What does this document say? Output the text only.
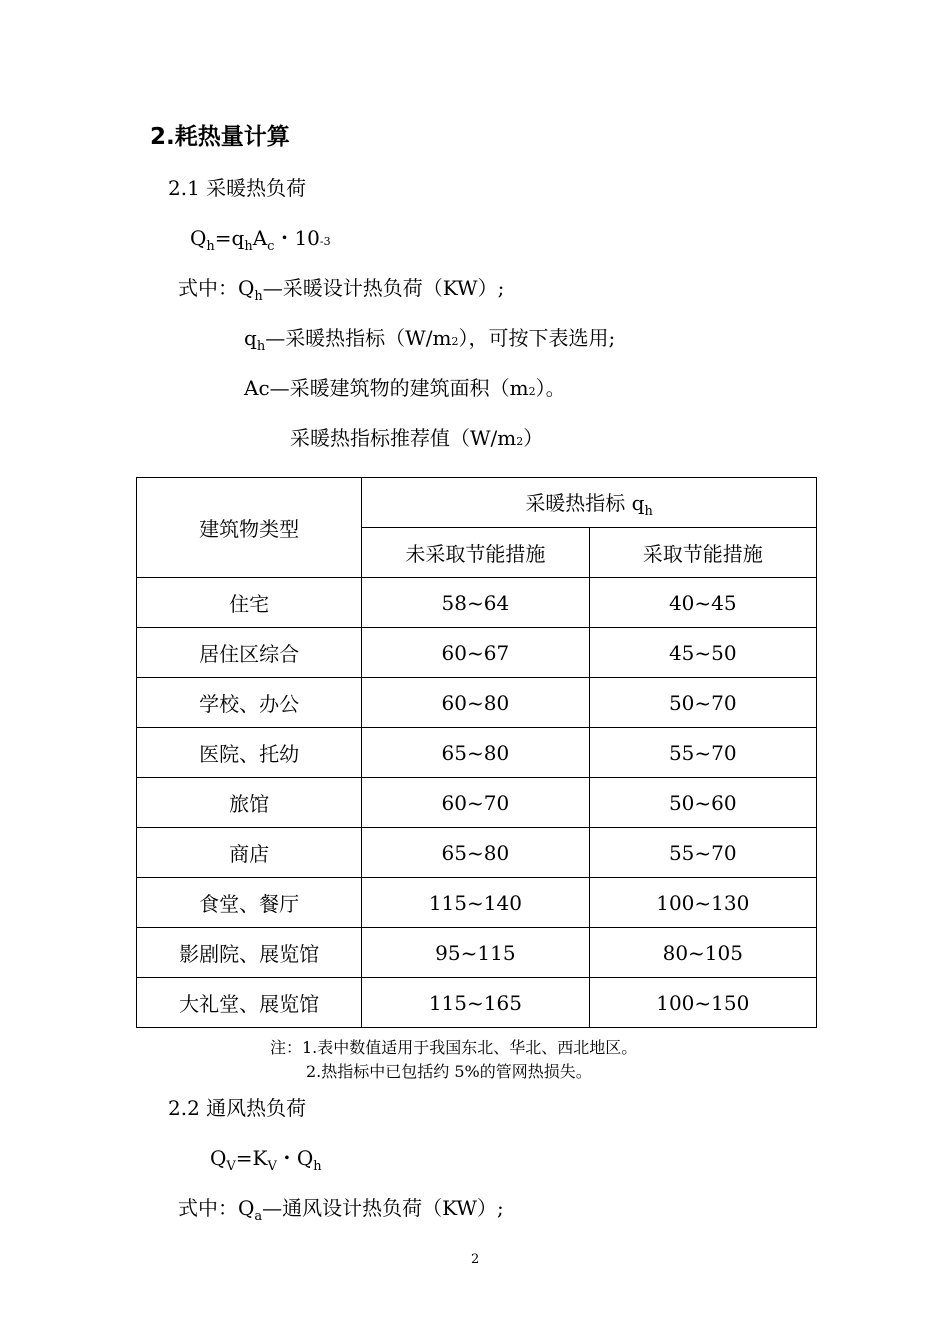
2.耗热量计算
2.1 采暖热负荷
$Q_h=q_hA_c$・10-3
式中：$Q_h—$采暖设计热负荷（KW）;
$q_h—$采暖热指标（W/m2），可按下表选用;
Ac—采暖建筑物的建筑面积（m2）。
采暖热指标推荐值（W/m2）
建筑物类型	采暖热指标 $q_h$
	未采取节能措施	采取节能措施
住宅	58~64	40~45
居住区综合	60~67	45~50
学校、办公	60~80	50~70
医院、托幼	65~80	55~70
旅馆	60~70	50~60
商店	65~80	55~70
食堂、餐厅	115~140	100~130
影剧院、展览馆	95~115	80~105
大礼堂、展览馆	115~165	100~150
注：1.表中数值适用于我国东北、华北、西北地区。
2.热指标中已包括约 5%的管网热损失。
2.2 通风热负荷
$Q_V=K_V$・$Q_h$
式中：$Q_a—$通风设计热负荷（KW）;
2
